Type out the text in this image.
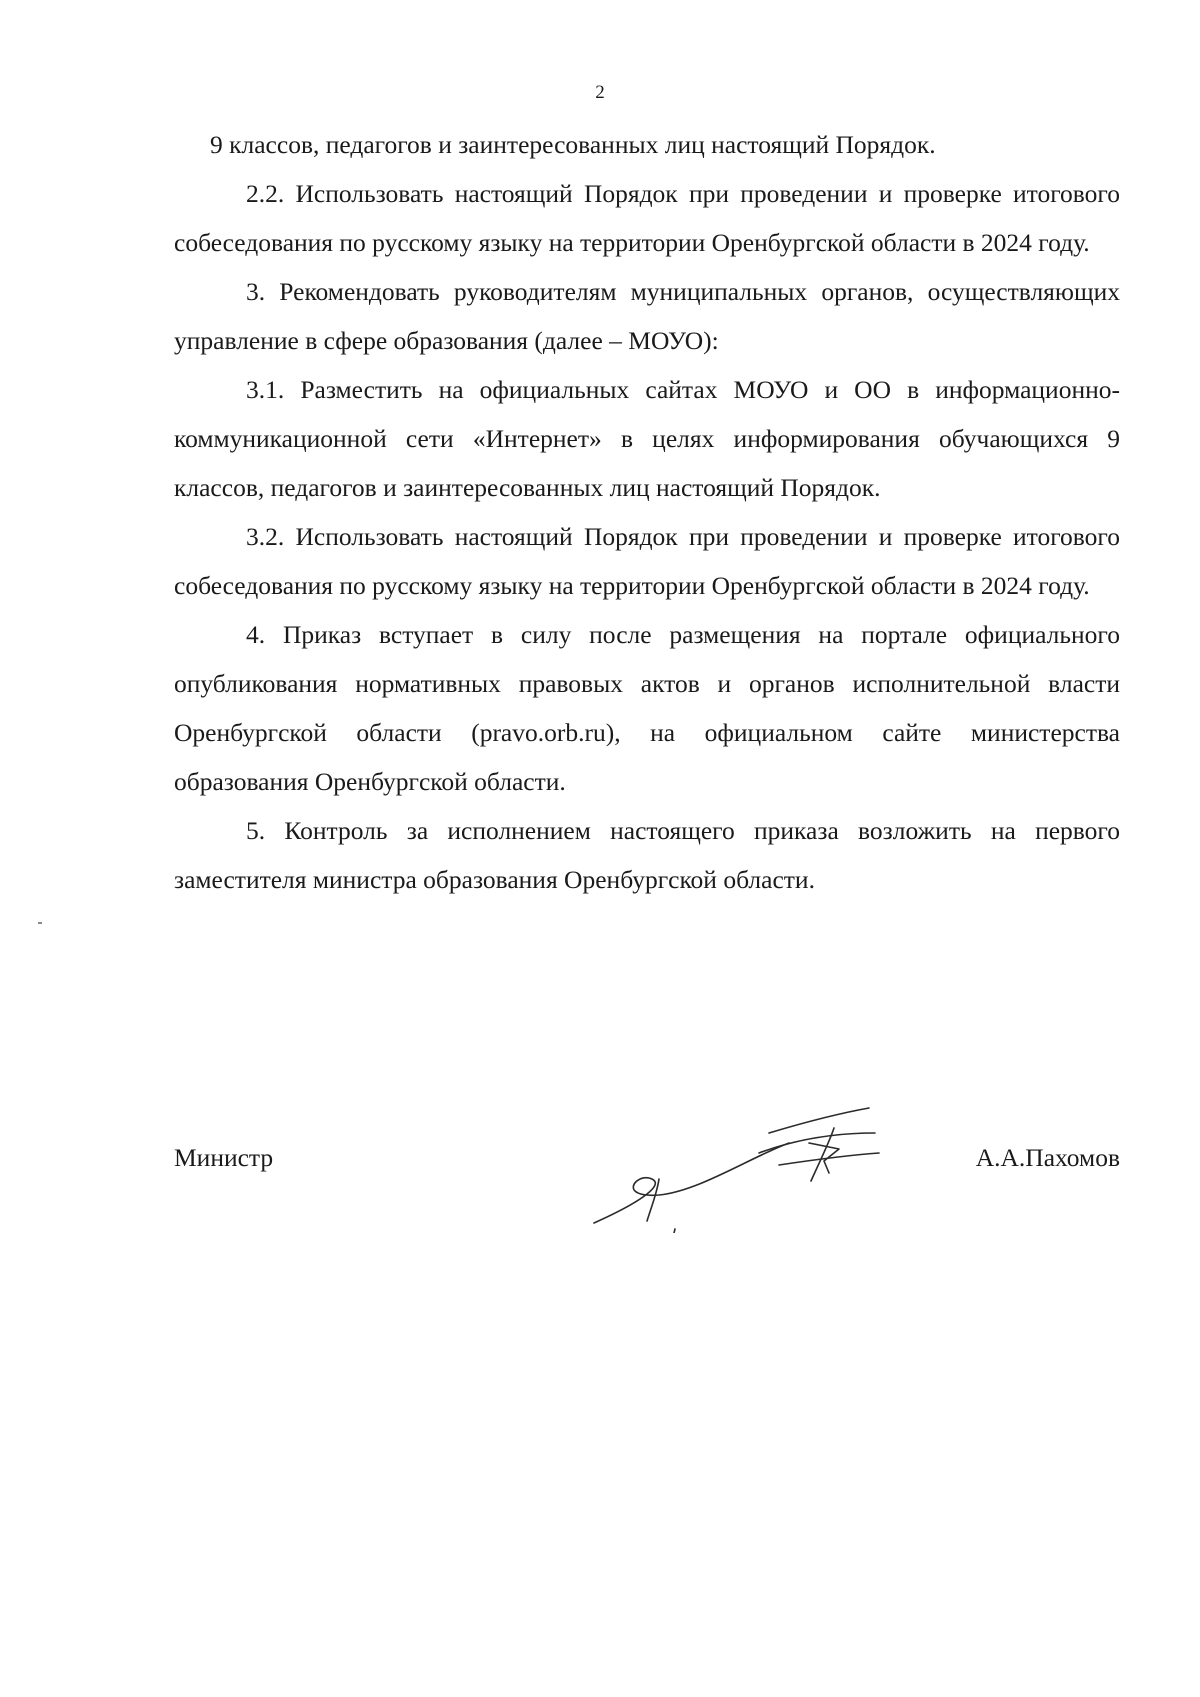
2

9 классов, педагогов и заинтересованных лиц настоящий Порядок.

2.2. Использовать настоящий Порядок при проведении и проверке итогового собеседования по русскому языку на территории Оренбургской области в 2024 году.

3. Рекомендовать руководителям муниципальных органов, осуществляющих управление в сфере образования (далее – МОУО):

3.1. Разместить на официальных сайтах МОУО и ОО в информационно-коммуникационной сети «Интернет» в целях информирования обучающихся 9 классов, педагогов и заинтересованных лиц настоящий Порядок.

3.2. Использовать настоящий Порядок при проведении и проверке итогового собеседования по русскому языку на территории Оренбургской области в 2024 году.

4. Приказ вступает в силу после размещения на портале официального опубликования нормативных правовых актов и органов исполнительной власти Оренбургской области (pravo.orb.ru), на официальном сайте министерства образования Оренбургской области.

5. Контроль за исполнением настоящего приказа возложить на первого заместителя министра образования Оренбургской области.

Министр	А.А.Пахомов
